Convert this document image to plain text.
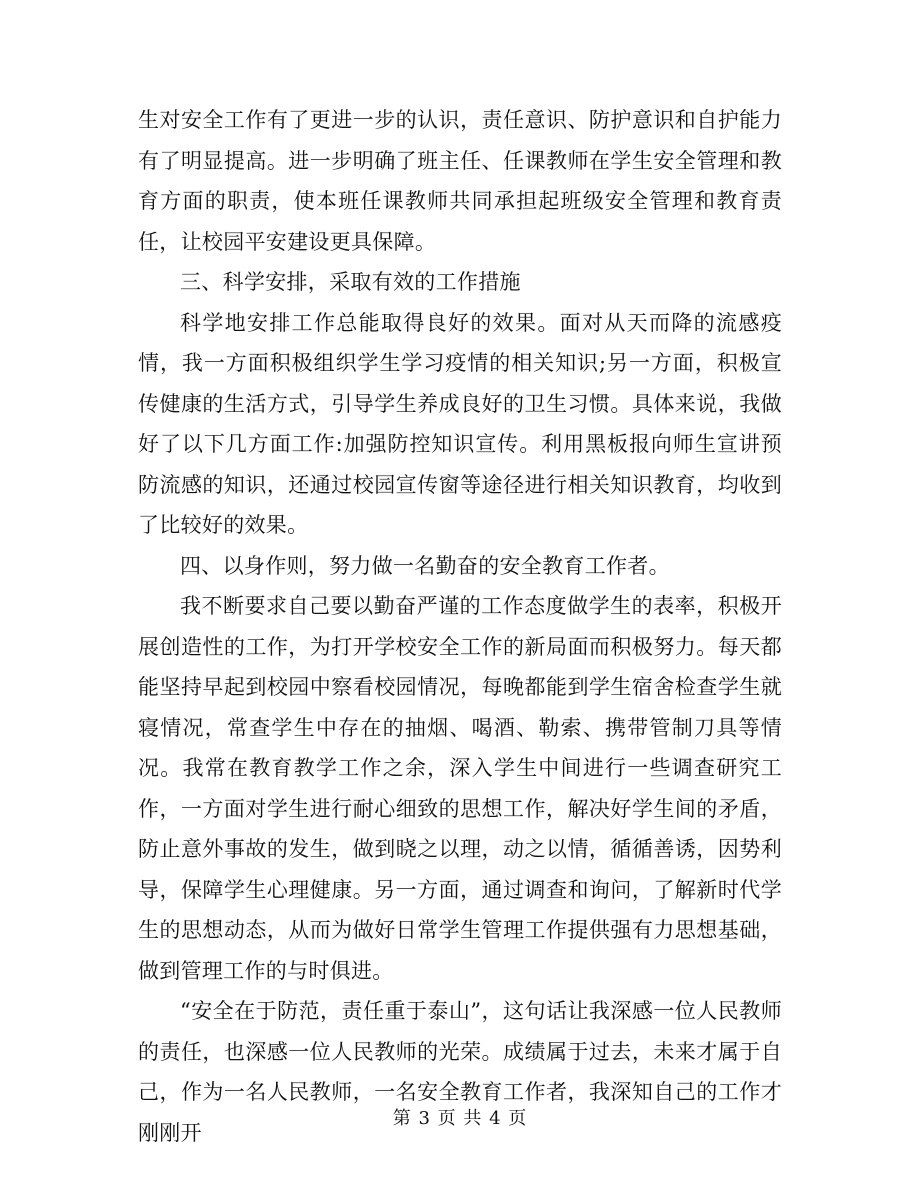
生对安全工作有了更进一步的认识，责任意识、防护意识和自护能力有了明显提高。进一步明确了班主任、任课教师在学生安全管理和教育方面的职责，使本班任课教师共同承担起班级安全管理和教育责任，让校园平安建设更具保障。

三、科学安排，采取有效的工作措施

科学地安排工作总能取得良好的效果。面对从天而降的流感疫情，我一方面积极组织学生学习疫情的相关知识;另一方面，积极宣传健康的生活方式，引导学生养成良好的卫生习惯。具体来说，我做好了以下几方面工作:加强防控知识宣传。利用黑板报向师生宣讲预防流感的知识，还通过校园宣传窗等途径进行相关知识教育，均收到了比较好的效果。

四、以身作则，努力做一名勤奋的安全教育工作者。

我不断要求自己要以勤奋严谨的工作态度做学生的表率，积极开展创造性的工作，为打开学校安全工作的新局面而积极努力。每天都能坚持早起到校园中察看校园情况，每晚都能到学生宿舍检查学生就寝情况，常查学生中存在的抽烟、喝酒、勒索、携带管制刀具等情况。我常在教育教学工作之余，深入学生中间进行一些调查研究工作，一方面对学生进行耐心细致的思想工作，解决好学生间的矛盾，防止意外事故的发生，做到晓之以理，动之以情，循循善诱，因势利导，保障学生心理健康。另一方面，通过调查和询问，了解新时代学生的思想动态，从而为做好日常学生管理工作提供强有力思想基础，做到管理工作的与时俱进。

“安全在于防范，责任重于泰山”，这句话让我深感一位人民教师的责任，也深感一位人民教师的光荣。成绩属于过去，未来才属于自己，作为一名人民教师，一名安全教育工作者，我深知自己的工作才刚刚开

第 3 页 共 4 页
